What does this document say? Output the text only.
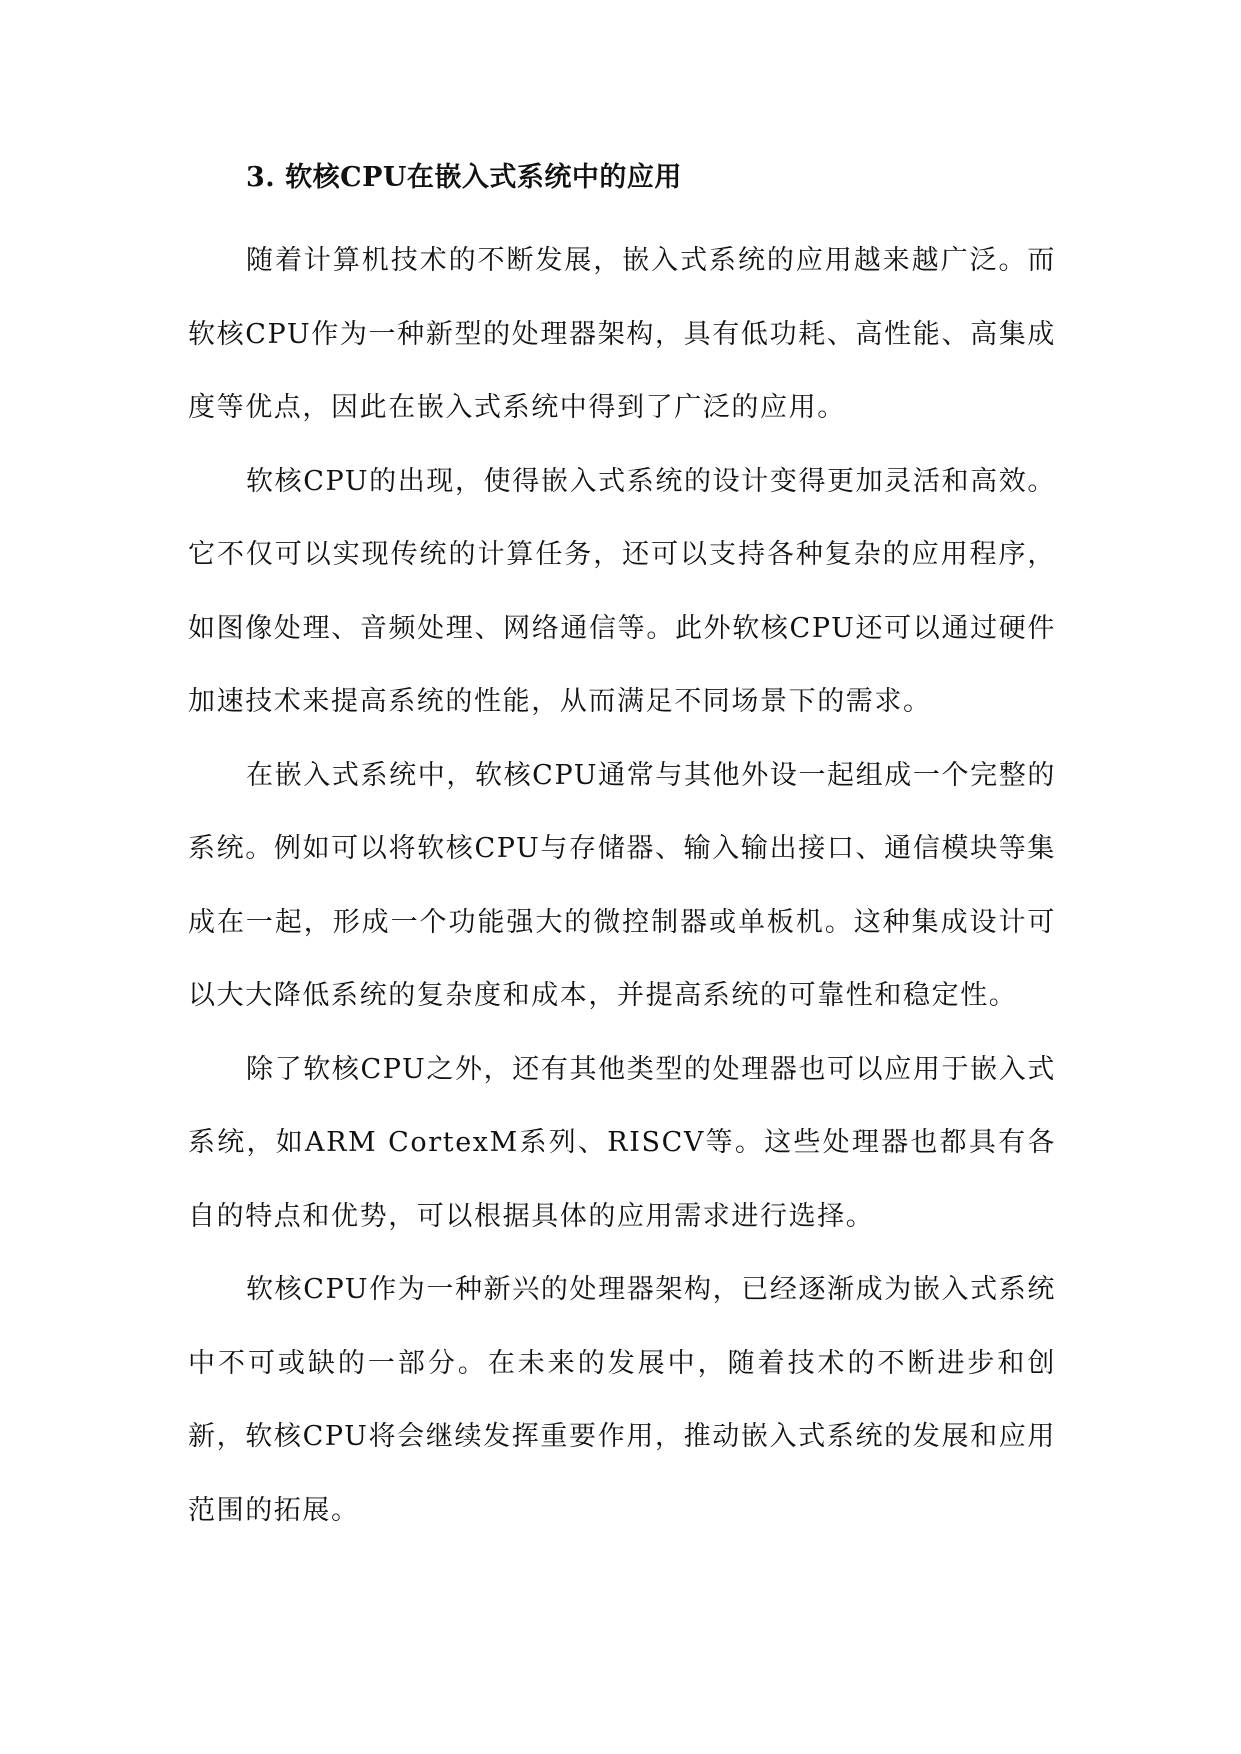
3. 软核CPU在嵌入式系统中的应用

随着计算机技术的不断发展，嵌入式系统的应用越来越广泛。而软核CPU作为一种新型的处理器架构，具有低功耗、高性能、高集成度等优点，因此在嵌入式系统中得到了广泛的应用。

软核CPU的出现，使得嵌入式系统的设计变得更加灵活和高效。它不仅可以实现传统的计算任务，还可以支持各种复杂的应用程序，如图像处理、音频处理、网络通信等。此外软核CPU还可以通过硬件加速技术来提高系统的性能，从而满足不同场景下的需求。

在嵌入式系统中，软核CPU通常与其他外设一起组成一个完整的系统。例如可以将软核CPU与存储器、输入输出接口、通信模块等集成在一起，形成一个功能强大的微控制器或单板机。这种集成设计可以大大降低系统的复杂度和成本，并提高系统的可靠性和稳定性。

除了软核CPU之外，还有其他类型的处理器也可以应用于嵌入式系统，如ARM CortexM系列、RISCV等。这些处理器也都具有各自的特点和优势，可以根据具体的应用需求进行选择。

软核CPU作为一种新兴的处理器架构，已经逐渐成为嵌入式系统中不可或缺的一部分。在未来的发展中，随着技术的不断进步和创新，软核CPU将会继续发挥重要作用，推动嵌入式系统的发展和应用范围的拓展。
